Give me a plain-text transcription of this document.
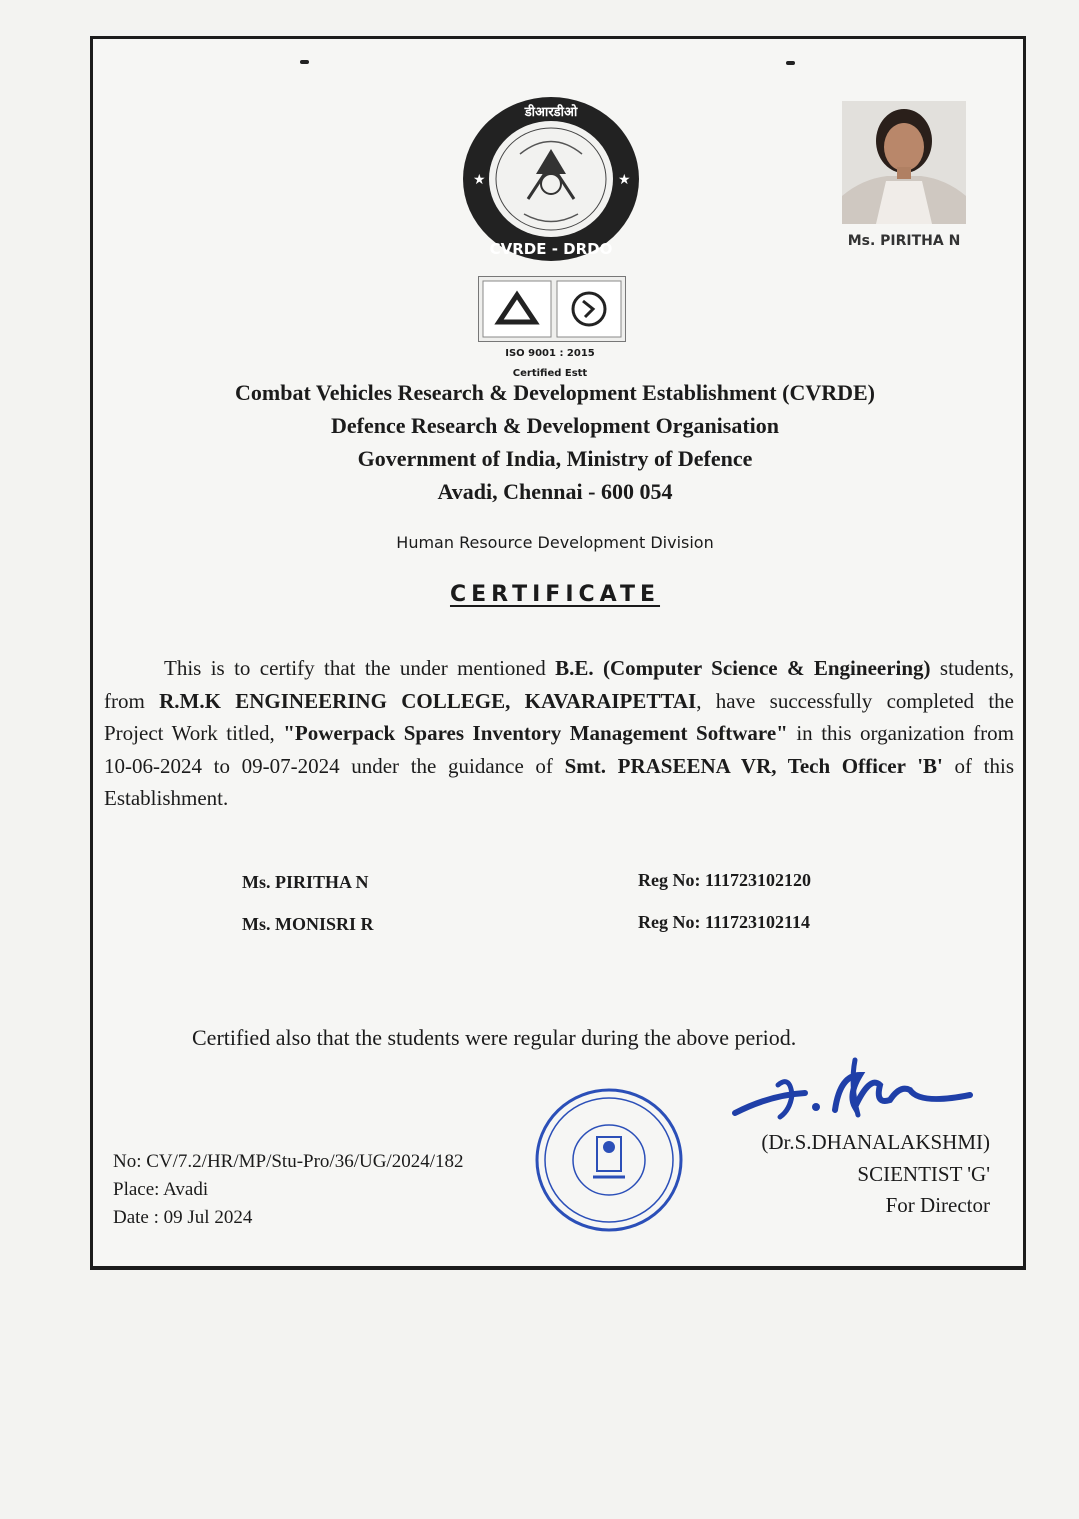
★	★
डीआरडीओ
CVRDE - DRDO	Ms. PIRITHA N
ISO 9001 : 2015
Certified Estt
Combat Vehicles Research & Development Establishment (CVRDE)
Defence Research & Development Organisation
Government of India, Ministry of Defence
Avadi, Chennai - 600 054
Human Resource Development Division
CERTIFICATE
This is to certify that the under mentioned B.E. (Computer Science & Engineering) students, from R.M.K ENGINEERING COLLEGE, KAVARAIPETTAI, have successfully completed the Project Work titled, "Powerpack Spares Inventory Management Software" in this organization from 10-06-2024 to 09-07-2024 under the guidance of Smt. PRASEENA VR, Tech Officer 'B' of this Establishment.
Ms. PIRITHA N	Reg No: 111723102120
Ms. MONISRI R	Reg No: 111723102114
Certified also that the students were regular during the above period.
(Dr.S.DHANALAKSHMI)
SCIENTIST 'G'
For Director
No: CV/7.2/HR/MP/Stu-Pro/36/UG/2024/182
Place: Avadi
Date : 09 Jul 2024
